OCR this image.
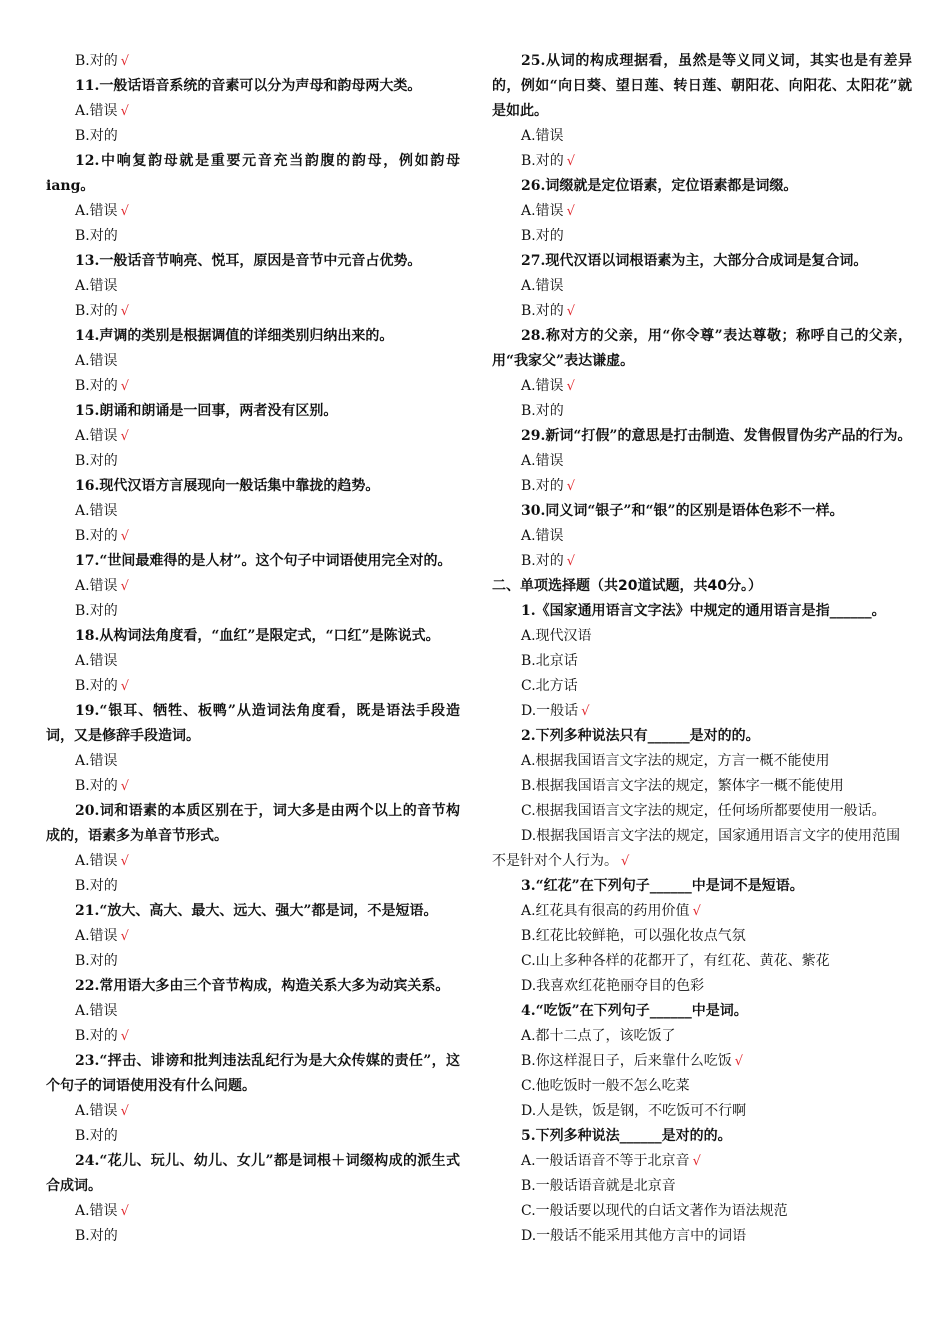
B.对的 √
11.一般话语音系统的音素可以分为声母和韵母两大类。
A.错误 √
B.对的
12.中响复韵母就是重要元音充当韵腹的韵母，例如韵母iang。
A.错误 √
B.对的
13.一般话音节响亮、悦耳，原因是音节中元音占优势。
A.错误
B.对的 √
14.声调的类别是根据调值的详细类别归纳出来的。
A.错误
B.对的 √
15.朗诵和朗诵是一回事，两者没有区别。
A.错误 √
B.对的
16.现代汉语方言展现向一般话集中靠拢的趋势。
A.错误
B.对的 √
17.“世间最难得的是人材”。这个句子中词语使用完全对的。
A.错误 √
B.对的
18.从构词法角度看，“血红”是限定式，“口红”是陈说式。
A.错误
B.对的 √
19.“银耳、牺牲、板鸭”从造词法角度看，既是语法手段造词，又是修辞手段造词。
A.错误
B.对的 √
20.词和语素的本质区别在于，词大多是由两个以上的音节构成的，语素多为单音节形式。
A.错误 √
B.对的
21.“放大、高大、最大、远大、强大”都是词，不是短语。
A.错误 √
B.对的
22.常用语大多由三个音节构成，构造关系大多为动宾关系。
A.错误
B.对的 √
23.“抨击、诽谤和批判违法乱纪行为是大众传媒的责任”，这个句子的词语使用没有什么问题。
A.错误 √
B.对的
24.“花儿、玩儿、幼儿、女儿”都是词根＋词缀构成的派生式合成词。
A.错误 √
B.对的
25.从词的构成理据看，虽然是等义同义词，其实也是有差异的，例如“向日葵、望日莲、转日莲、朝阳花、向阳花、太阳花”就是如此。
A.错误
B.对的 √
26.词缀就是定位语素，定位语素都是词缀。
A.错误 √
B.对的
27.现代汉语以词根语素为主，大部分合成词是复合词。
A.错误
B.对的 √
28.称对方的父亲，用“你令尊”表达尊敬；称呼自己的父亲，用“我家父”表达谦虚。
A.错误 √
B.对的
29.新词“打假”的意思是打击制造、发售假冒伪劣产品的行为。
A.错误
B.对的 √
30.同义词“银子”和“银”的区别是语体色彩不一样。
A.错误
B.对的 √
二、单项选择题（共20道试题，共40分。）
1.《国家通用语言文字法》中规定的通用语言是指______。
A.现代汉语
B.北京话
C.北方话
D.一般话 √
2.下列多种说法只有______是对的的。
A.根据我国语言文字法的规定，方言一概不能使用
B.根据我国语言文字法的规定，繁体字一概不能使用
C.根据我国语言文字法的规定，任何场所都要使用一般话。
D.根据我国语言文字法的规定，国家通用语言文字的使用范围不是针对个人行为。 √
3.“红花”在下列句子______中是词不是短语。
A.红花具有很高的药用价值 √
B.红花比较鲜艳，可以强化妆点气氛
C.山上多种各样的花都开了，有红花、黄花、紫花
D.我喜欢红花艳丽夺目的色彩
4.“吃饭”在下列句子______中是词。
A.都十二点了，该吃饭了
B.你这样混日子，后来靠什么吃饭 √
C.他吃饭时一般不怎么吃菜
D.人是铁，饭是钢，不吃饭可不行啊
5.下列多种说法______是对的的。
A.一般话语音不等于北京音 √
B.一般话语音就是北京音
C.一般话要以现代的白话文著作为语法规范
D.一般话不能采用其他方言中的词语
